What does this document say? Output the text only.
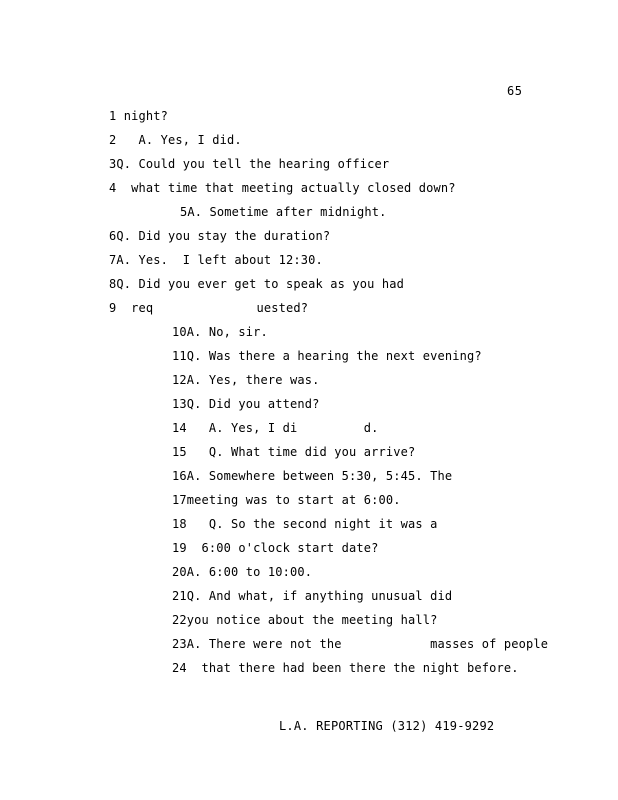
65
1 night?
2   A. Yes, I did.
3Q. Could you tell the hearing officer
4  what time that meeting actually closed down?
5A. Sometime after midnight.
6Q. Did you stay the duration?
7A. Yes.  I left about 12:30.
8Q. Did you ever get to speak as you had
9  req              uested?
10A. No, sir.
11Q. Was there a hearing the next evening?
12A. Yes, there was.
13Q. Did you attend?
14   A. Yes, I di         d.
15   Q. What time did you arrive?
16A. Somewhere between 5:30, 5:45. The
17meeting was to start at 6:00.
18   Q. So the second night it was a
19  6:00 o'clock start date?
20A. 6:00 to 10:00.
21Q. And what, if anything unusual did
22you notice about the meeting hall?
23A. There were not the            masses of people
24  that there had been there the night before.
L.A. REPORTING (312) 419-9292
